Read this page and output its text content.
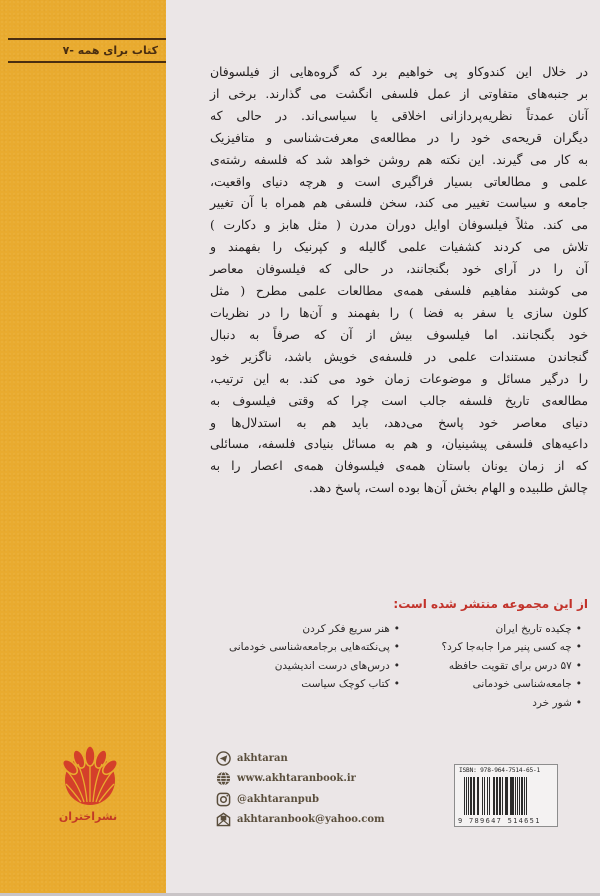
کتاب برای همه -۷
در خلال این کندوکاو پی خواهیم برد که گروه‌هایی از فیلسوفان
بر جنبه‌های متفاوتی از عمل فلسفی انگشت می گذارند. برخی از
آنان عمدتاً نظریه‌پردازانی اخلاقی یا سیاسی‌اند. در حالی که
دیگران قریحه‌ی خود را در مطالعه‌ی معرفت‌شناسی و متافیزیک
به کار می گیرند. این نکته هم روشن خواهد شد که فلسفه رشته‌ی
علمی و مطالعاتی بسیار فراگیری است و هرچه دنیای واقعیت،
جامعه و سیاست تغییر می کند، سخن فلسفی هم همراه با آن تغییر
می کند. مثلاً فیلسوفان اوایل دوران مدرن ( مثل هابز و دکارت )
تلاش می کردند کشفیات علمی گالیله و کپرنیک را بفهمند و
آن را در آرای خود بگنجانند، در حالی که فیلسوفان معاصر
می کوشند مفاهیم فلسفی همه‌ی مطالعات علمی مطرح ( مثل
کلون سازی یا سفر به فضا ) را بفهمند و آن‌ها را در نظریات
خود بگنجانند. اما فیلسوف بیش از آن که صرفاً به دنبال
گنجاندن مستندات علمی در فلسفه‌ی خویش باشد، ناگزیر خود
را درگیر مسائل و موضوعات زمان خود می کند. به این ترتیب،
مطالعه‌ی تاریخ فلسفه جالب است چرا که وقتی فیلسوف به
دنیای معاصر خود پاسخ می‌دهد، باید هم به استدلال‌ها و
داعیه‌های فلسفی پیشینیان، و هم به مسائل بنیادی فلسفه، مسائلی
که از زمان یونان باستان همه‌ی فیلسوفان همه‌ی اعصار را به
چالش طلبیده و الهام بخش آن‌ها بوده است، پاسخ دهد.
از این مجموعه منتشر شده است:
• چکیده تاریخ ایران
• چه کسی پنیر مرا جابه‌جا کرد؟
• ۵۷ درس برای تقویت حافظه
• جامعه‌شناسی خودمانی
• شور خرد
• هنر سریع فکر کردن
• پی‌نکته‌هایی برجامعه‌شناسی خودمانی
• درس‌های درست اندیشیدن
• کتاب کوچک سیاست
نشراختران
akhtaran
www.akhtaranbook.ir
@akhtaranpub
akhtaranbook@yahoo.com
ISBN: 978-964-7514-65-1
9 789647 514651
